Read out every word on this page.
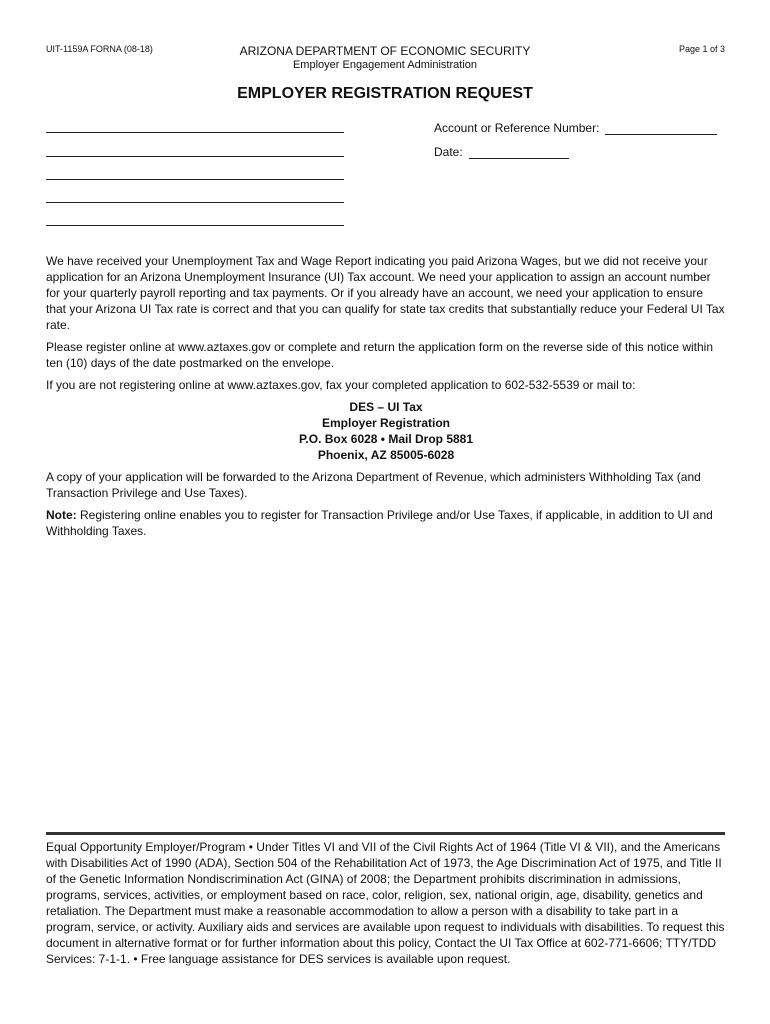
UIT-1159A FORNA (08-18)	Page 1 of 3
ARIZONA DEPARTMENT OF ECONOMIC SECURITY
Employer Engagement Administration
EMPLOYER REGISTRATION REQUEST
Account or Reference Number:
Date:

We have received your Unemployment Tax and Wage Report indicating you paid Arizona Wages, but we did not receive your application for an Arizona Unemployment Insurance (UI) Tax account. We need your application to assign an account number for your quarterly payroll reporting and tax payments. Or if you already have an account, we need your application to ensure that your Arizona UI Tax rate is correct and that you can qualify for state tax credits that substantially reduce your Federal UI Tax rate.

Please register online at www.aztaxes.gov or complete and return the application form on the reverse side of this notice within ten (10) days of the date postmarked on the envelope.

If you are not registering online at www.aztaxes.gov, fax your completed application to 602-532-5539 or mail to:

DES – UI Tax
Employer Registration
P.O. Box 6028 • Mail Drop 5881
Phoenix, AZ 85005-6028

A copy of your application will be forwarded to the Arizona Department of Revenue, which administers Withholding Tax (and Transaction Privilege and Use Taxes).

Note: Registering online enables you to register for Transaction Privilege and/or Use Taxes, if applicable, in addition to UI and Withholding Taxes.

Equal Opportunity Employer/Program • Under Titles VI and VII of the Civil Rights Act of 1964 (Title VI & VII), and the Americans with Disabilities Act of 1990 (ADA), Section 504 of the Rehabilitation Act of 1973, the Age Discrimination Act of 1975, and Title II of the Genetic Information Nondiscrimination Act (GINA) of 2008; the Department prohibits discrimination in admissions, programs, services, activities, or employment based on race, color, religion, sex, national origin, age, disability, genetics and retaliation. The Department must make a reasonable accommodation to allow a person with a disability to take part in a program, service, or activity. Auxiliary aids and services are available upon request to individuals with disabilities. To request this document in alternative format or for further information about this policy, Contact the UI Tax Office at 602-771-6606; TTY/TDD Services: 7-1-1. • Free language assistance for DES services is available upon request.
